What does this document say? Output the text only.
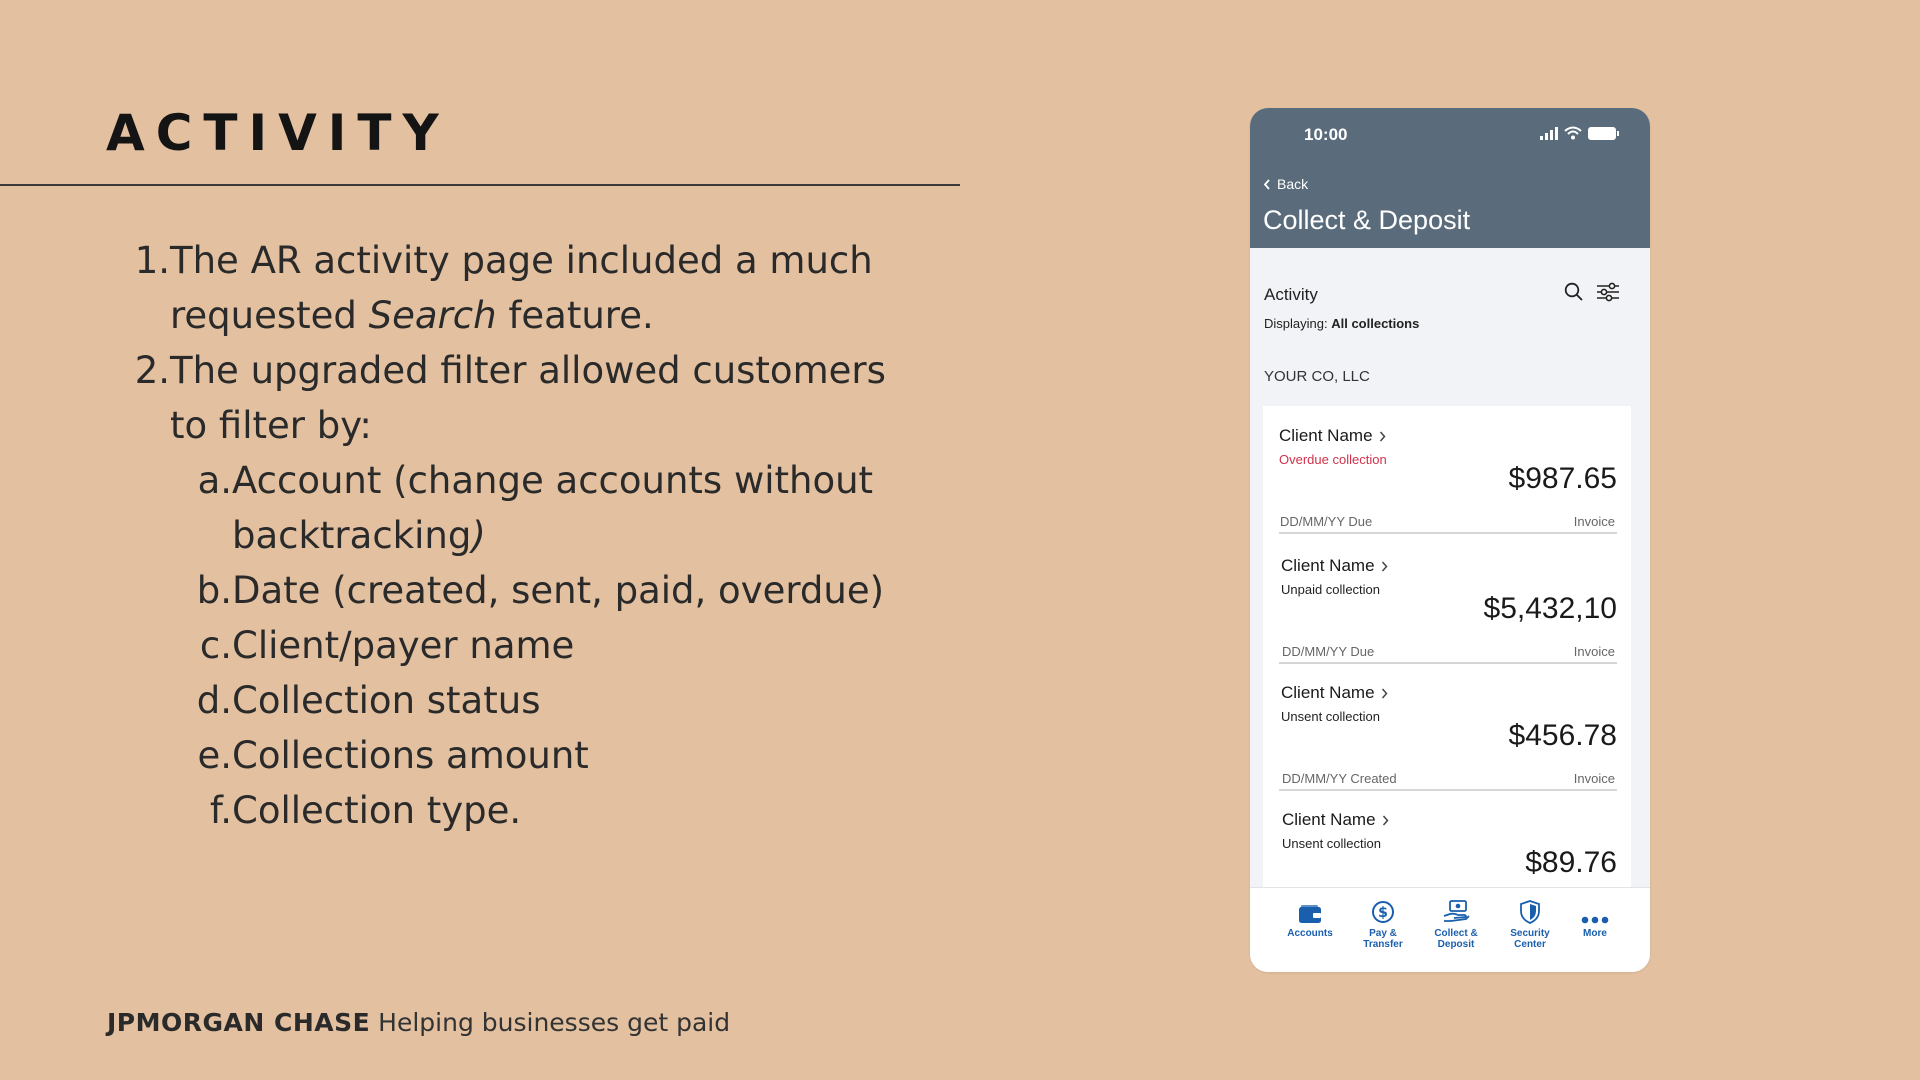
ACTIVITY
1. The AR activity page included a much requested Search feature.
2. The upgraded filter allowed customers to filter by:
a. Account (change accounts without backtracking)
b. Date (created, sent, paid, overdue)
c. Client/payer name
d. Collection status
e. Collections amount
f. Collection type.
JPMORGAN CHASE Helping businesses get paid
10:00
Back
Collect & Deposit
Activity
Displaying: All collections
YOUR CO, LLC
Client Name
Overdue collection
$987.65
DD/MM/YY Due	Invoice
Client Name
Unpaid collection
$5,432,10
DD/MM/YY Due	Invoice
Client Name
Unsent collection
$456.78
DD/MM/YY Created	Invoice
Client Name
Unsent collection
$89.76
Accounts
$
Pay &
Transfer
Collect &
Deposit
Security
Center
More
